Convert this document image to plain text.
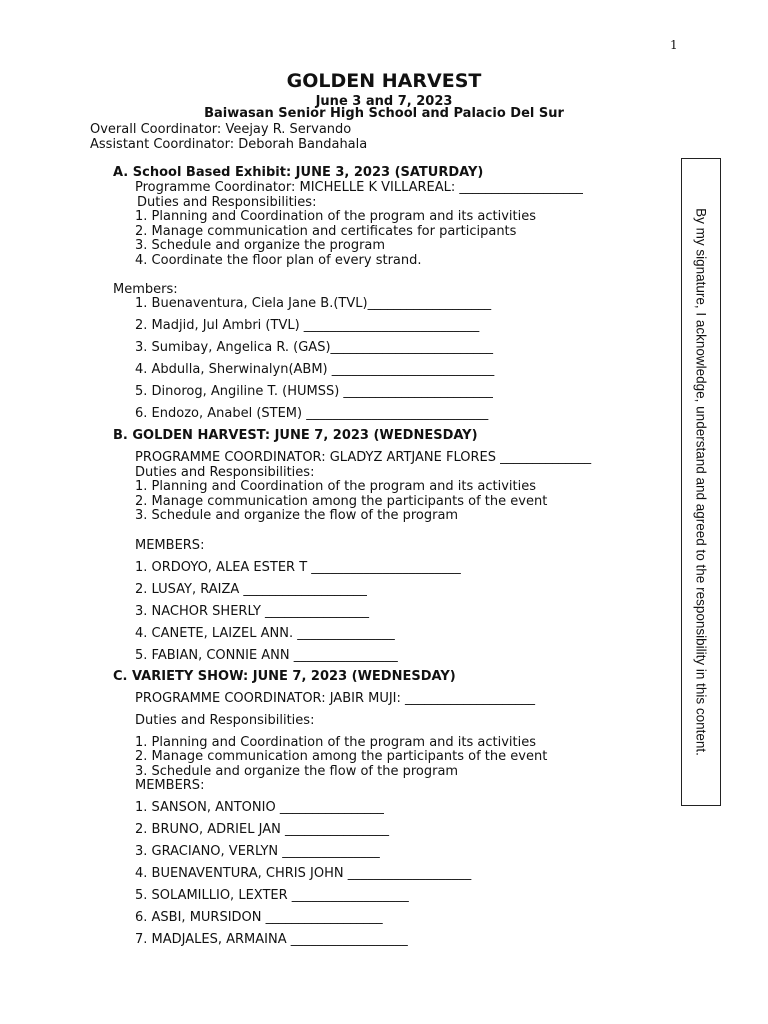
1
GOLDEN HARVEST
June 3 and 7, 2023
Baiwasan Senior High School and Palacio Del Sur
Overall Coordinator: Veejay R. Servando
Assistant Coordinator: Deborah Bandahala
A. School Based Exhibit: JUNE 3, 2023 (SATURDAY)
Programme Coordinator: MICHELLE K VILLAREAL: ___________________
Duties and Responsibilities:
1. Planning and Coordination of the program and its activities
2. Manage communication and certificates for participants
3. Schedule and organize the program
4. Coordinate the floor plan of every strand.
Members:
1. Buenaventura, Ciela Jane B.(TVL)___________________
2. Madjid, Jul Ambri (TVL) ___________________________
3. Sumibay, Angelica R. (GAS)_________________________
4. Abdulla, Sherwinalyn(ABM) _________________________
5. Dinorog, Angiline T. (HUMSS) _______________________
6. Endozo, Anabel (STEM) ____________________________
B. GOLDEN HARVEST: JUNE 7, 2023 (WEDNESDAY)
PROGRAMME COORDINATOR: GLADYZ ARTJANE FLORES ______________
Duties and Responsibilities:
1. Planning and Coordination of the program and its activities
2. Manage communication among the participants of the event
3. Schedule and organize the flow of the program
MEMBERS:
1. ORDOYO, ALEA ESTER T _______________________
2. LUSAY, RAIZA ___________________
3. NACHOR SHERLY ________________
4. CANETE, LAIZEL ANN. _______________
5. FABIAN, CONNIE ANN ________________
C. VARIETY SHOW: JUNE 7, 2023 (WEDNESDAY)
PROGRAMME COORDINATOR: JABIR MUJI: ____________________
Duties and Responsibilities:
1. Planning and Coordination of the program and its activities
2. Manage communication among the participants of the event
3. Schedule and organize the flow of the program
MEMBERS:
1. SANSON, ANTONIO ________________
2. BRUNO, ADRIEL JAN ________________
3. GRACIANO, VERLYN _______________
4. BUENAVENTURA, CHRIS JOHN ___________________
5. SOLAMILLIO, LEXTER __________________
6. ASBI, MURSIDON __________________
7. MADJALES, ARMAINA __________________
By my signature, I acknowledge, understand and agreed to the responsibility in this content.
